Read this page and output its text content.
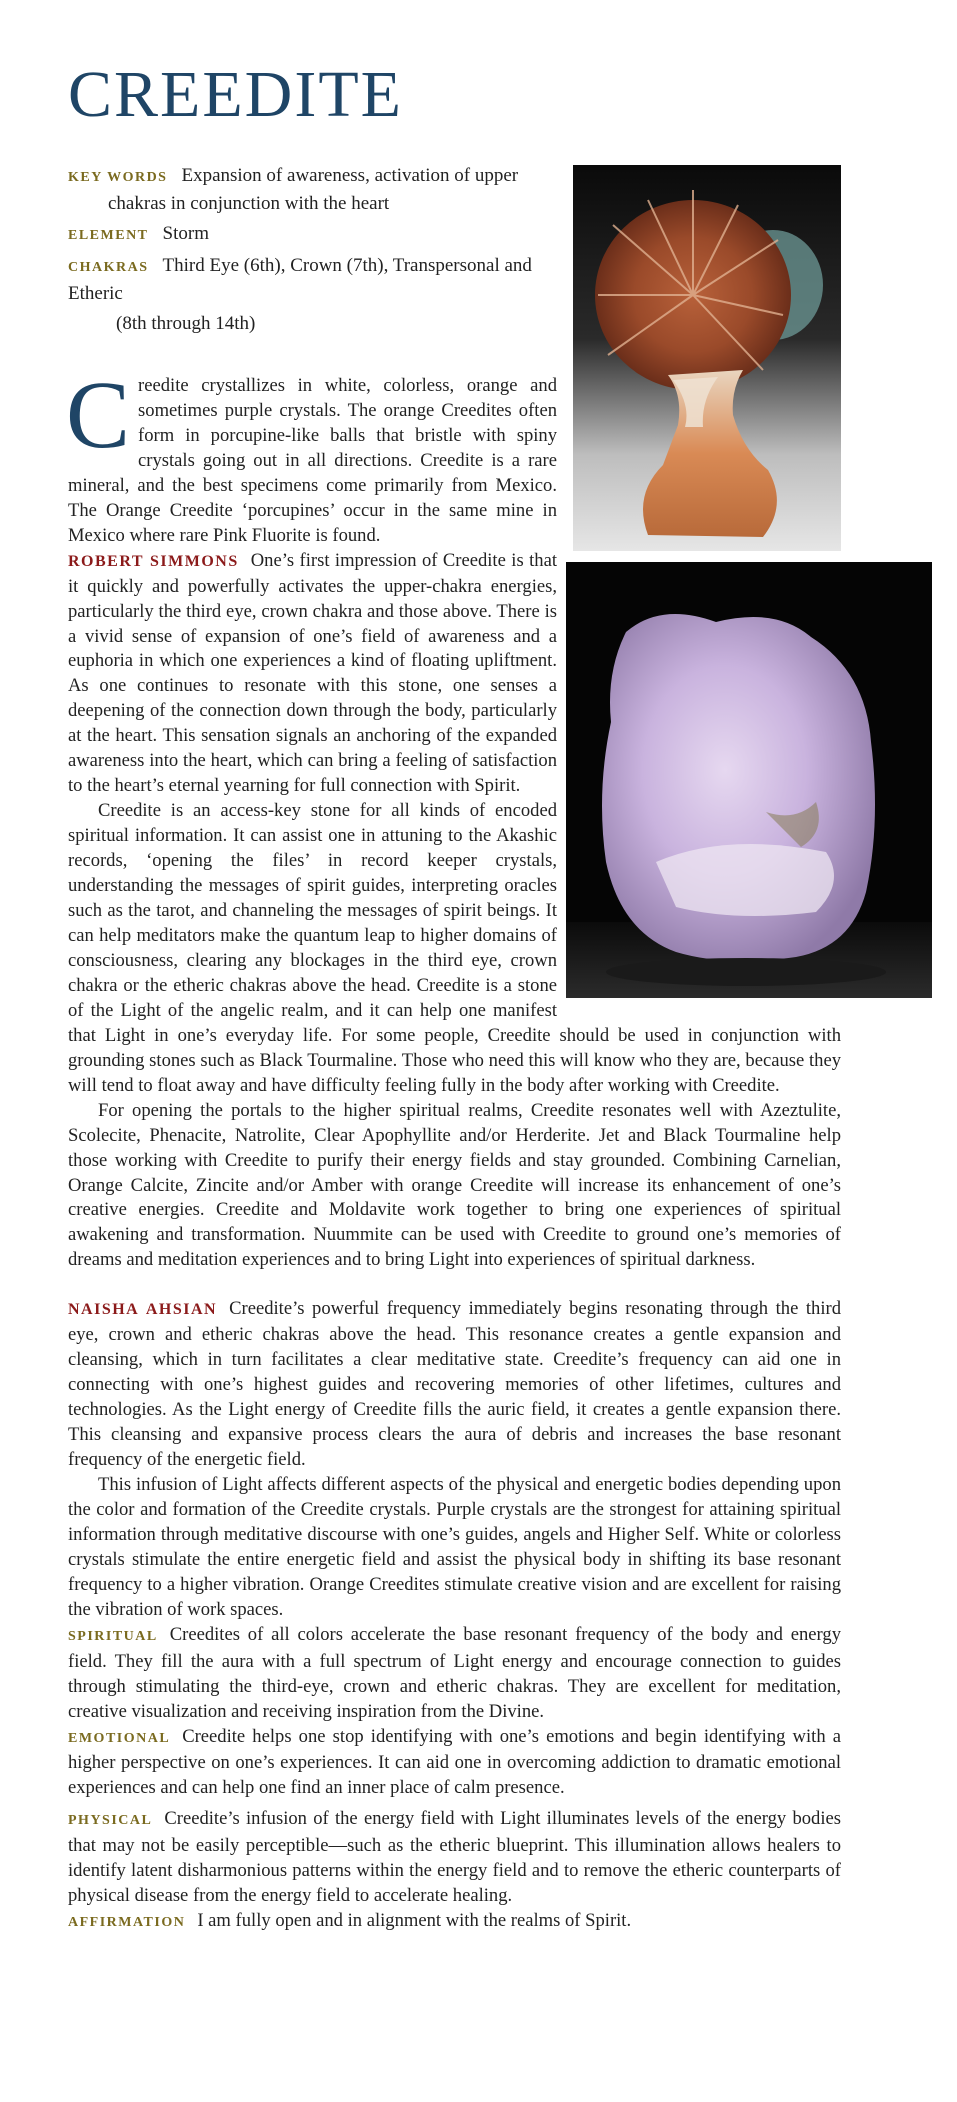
CREEDITE

KEY WORDS Expansion of awareness, activation of upper chakras in conjunction with the heart

ELEMENT Storm

CHAKRAS Third Eye (6th), Crown (7th), Transpersonal and Etheric

(8th through 14th)

Creedite crystallizes in white, colorless, orange and sometimes purple crystals. The orange Creedites often form in porcupine-like balls that bristle with spiny crystals going out in all directions. Creedite is a rare mineral, and the best specimens come primarily from Mexico. The Orange Creedite ‘porcupines’ occur in the same mine in Mexico where rare Pink Fluorite is found.

ROBERT SIMMONS One’s first impression of Creedite is that it quickly and powerfully activates the upper-chakra energies, particularly the third eye, crown chakra and those above. There is a vivid sense of expansion of one’s field of awareness and a euphoria in which one experiences a kind of floating upliftment. As one continues to resonate with this stone, one senses a deepening of the connection down through the body, particularly at the heart. This sensation signals an anchoring of the expanded awareness into the heart, which can bring a feeling of satisfaction to the heart’s eternal yearning for full connection with Spirit.

Creedite is an access-key stone for all kinds of encoded spiritual information. It can assist one in attuning to the Akashic records, ‘opening the files’ in record keeper crystals, understanding the messages of spirit guides, interpreting oracles such as the tarot, and channeling the messages of spirit beings. It can help meditators make the quantum leap to higher domains of consciousness, clearing any blockages in the third eye, crown chakra or the etheric chakras above the head. Creedite is a stone of the Light of the angelic realm, and it can help one manifest that Light in one’s everyday life. For some people, Creedite should be used in conjunction with grounding stones such as Black Tourmaline. Those who need this will know who they are, because they will tend to float away and have difficulty feeling fully in the body after working with Creedite.

For opening the portals to the higher spiritual realms, Creedite resonates well with Azeztulite, Scolecite, Phenacite, Natrolite, Clear Apophyllite and/or Herderite. Jet and Black Tourmaline help those working with Creedite to purify their energy fields and stay grounded. Combining Carnelian, Orange Calcite, Zincite and/or Amber with orange Creedite will increase its enhancement of one’s creative energies. Creedite and Moldavite work together to bring one experiences of spiritual awakening and transformation. Nuummite can be used with Creedite to ground one’s memories of dreams and meditation experiences and to bring Light into experiences of spiritual darkness.

NAISHA AHSIAN Creedite’s powerful frequency immediately begins resonating through the third eye, crown and etheric chakras above the head. This resonance creates a gentle expansion and cleansing, which in turn facilitates a clear meditative state. Creedite’s frequency can aid one in connecting with one’s highest guides and recovering memories of other lifetimes, cultures and technologies. As the Light energy of Creedite fills the auric field, it creates a gentle expansion there. This cleansing and expansive process clears the aura of debris and increases the base resonant frequency of the energetic field.

This infusion of Light affects different aspects of the physical and energetic bodies depending upon the color and formation of the Creedite crystals. Purple crystals are the strongest for attaining spiritual information through meditative discourse with one’s guides, angels and Higher Self. White or colorless crystals stimulate the entire energetic field and assist the physical body in shifting its base resonant frequency to a higher vibration. Orange Creedites stimulate creative vision and are excellent for raising the vibration of work spaces.

SPIRITUAL Creedites of all colors accelerate the base resonant frequency of the body and energy field. They fill the aura with a full spectrum of Light energy and encourage connection to guides through stimulating the third-eye, crown and etheric chakras. They are excellent for meditation, creative visualization and receiving inspiration from the Divine.

EMOTIONAL Creedite helps one stop identifying with one’s emotions and begin identifying with a higher perspective on one’s experiences. It can aid one in overcoming addiction to dramatic emotional experiences and can help one find an inner place of calm presence.

PHYSICAL Creedite’s infusion of the energy field with Light illuminates levels of the energy bodies that may not be easily perceptible—such as the etheric blueprint. This illumination allows healers to identify latent disharmonious patterns within the energy field and to remove the etheric counterparts of physical disease from the energy field to accelerate healing.

AFFIRMATION I am fully open and in alignment with the realms of Spirit.
